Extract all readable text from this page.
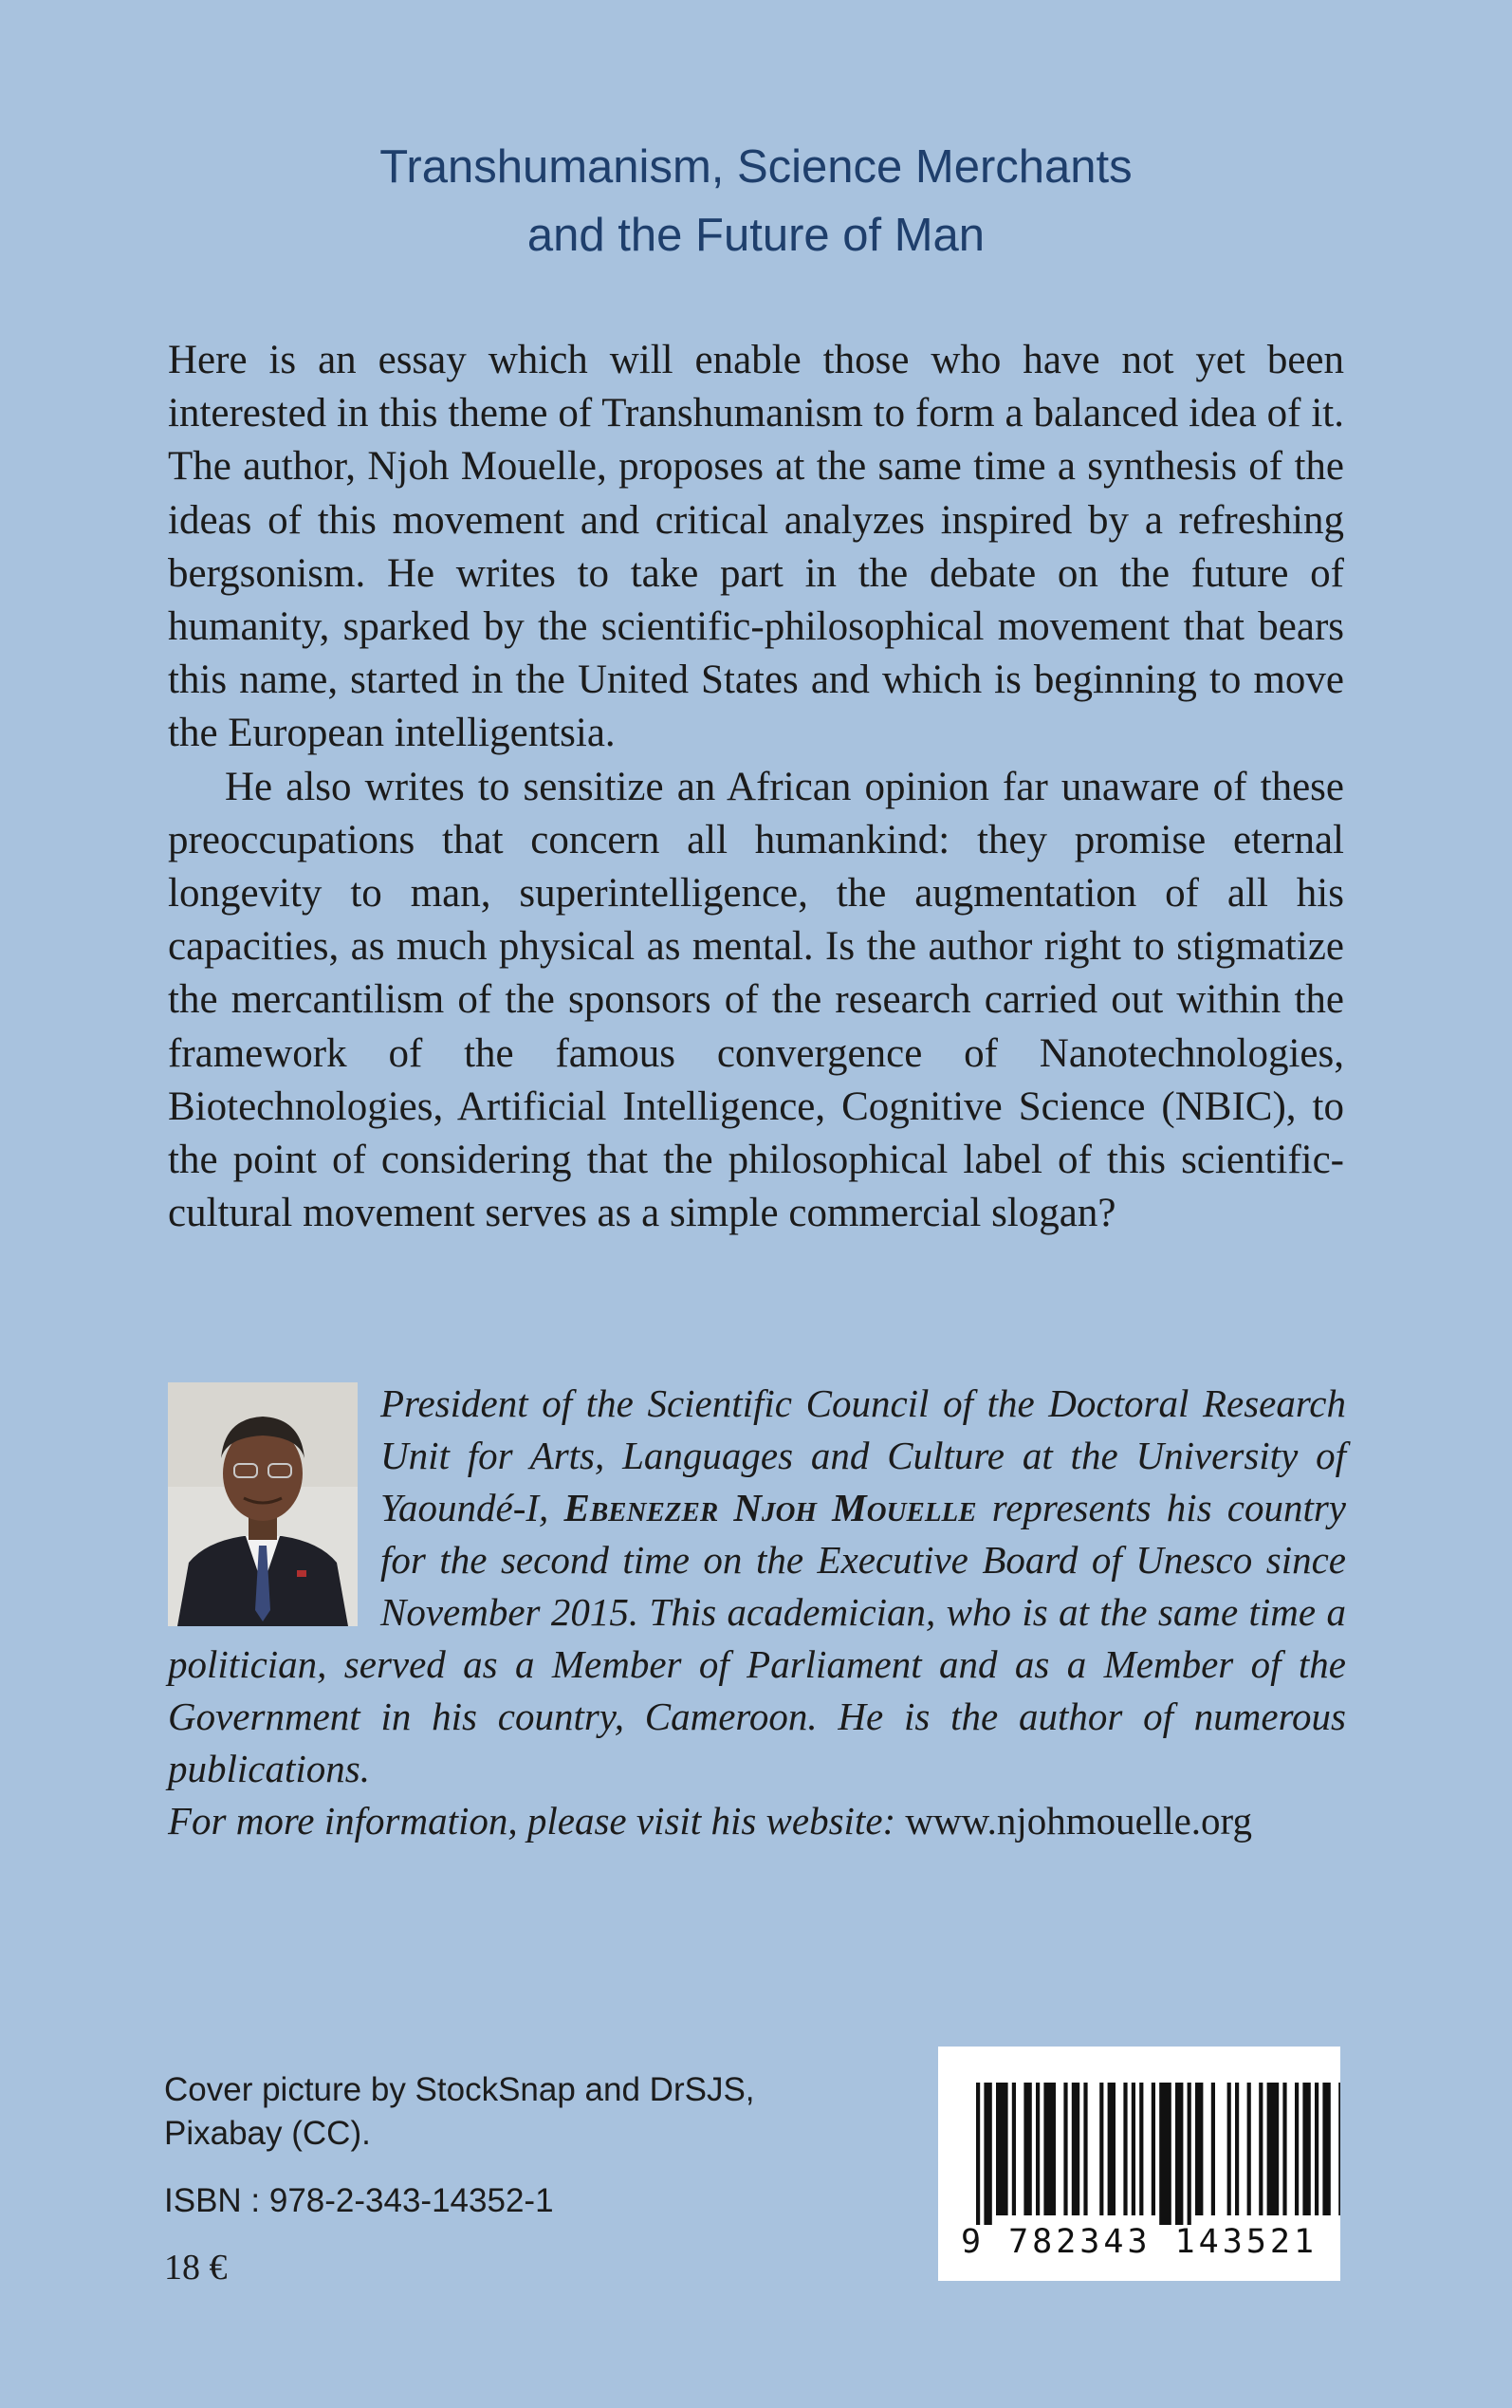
Transhumanism, Science Merchants
and the Future of Man

Here is an essay which will enable those who have not yet been interested in this theme of Transhumanism to form a balanced idea of it. The author, Njoh Mouelle, proposes at the same time a synthesis of the ideas of this movement and critical analyzes inspired by a refreshing bergsonism. He writes to take part in the debate on the future of humanity, sparked by the scientific-philosophical movement that bears this name, started in the United States and which is beginning to move the European intelligentsia.

He also writes to sensitize an African opinion far unaware of these preoccupations that concern all humankind: they promise eternal longevity to man, superintelligence, the augmentation of all his capacities, as much physical as mental. Is the author right to stigmatize the mercantilism of the sponsors of the research carried out within the framework of the famous convergence of Nanotechnologies, Biotechnologies, Artificial Intelligence, Cognitive Science (NBIC), to the point of considering that the philosophical label of this scientific-cultural movement serves as a simple commercial slogan?

President of the Scientific Council of the Doctoral Research Unit for Arts, Languages and Culture at the University of Yaoundé-I, Ebenezer Njoh Mouelle represents his country for the second time on the Executive Board of Unesco since November 2015. This academician, who is at the same time a politician, served as a Member of Parliament and as a Member of the Government in his country, Cameroon. He is the author of numerous publications.

For more information, please visit his website: www.njohmouelle.org

Cover picture by StockSnap and DrSJS,

Pixabay (CC).

ISBN : 978-2-343-14352-1
18 €
9 782343 143521
